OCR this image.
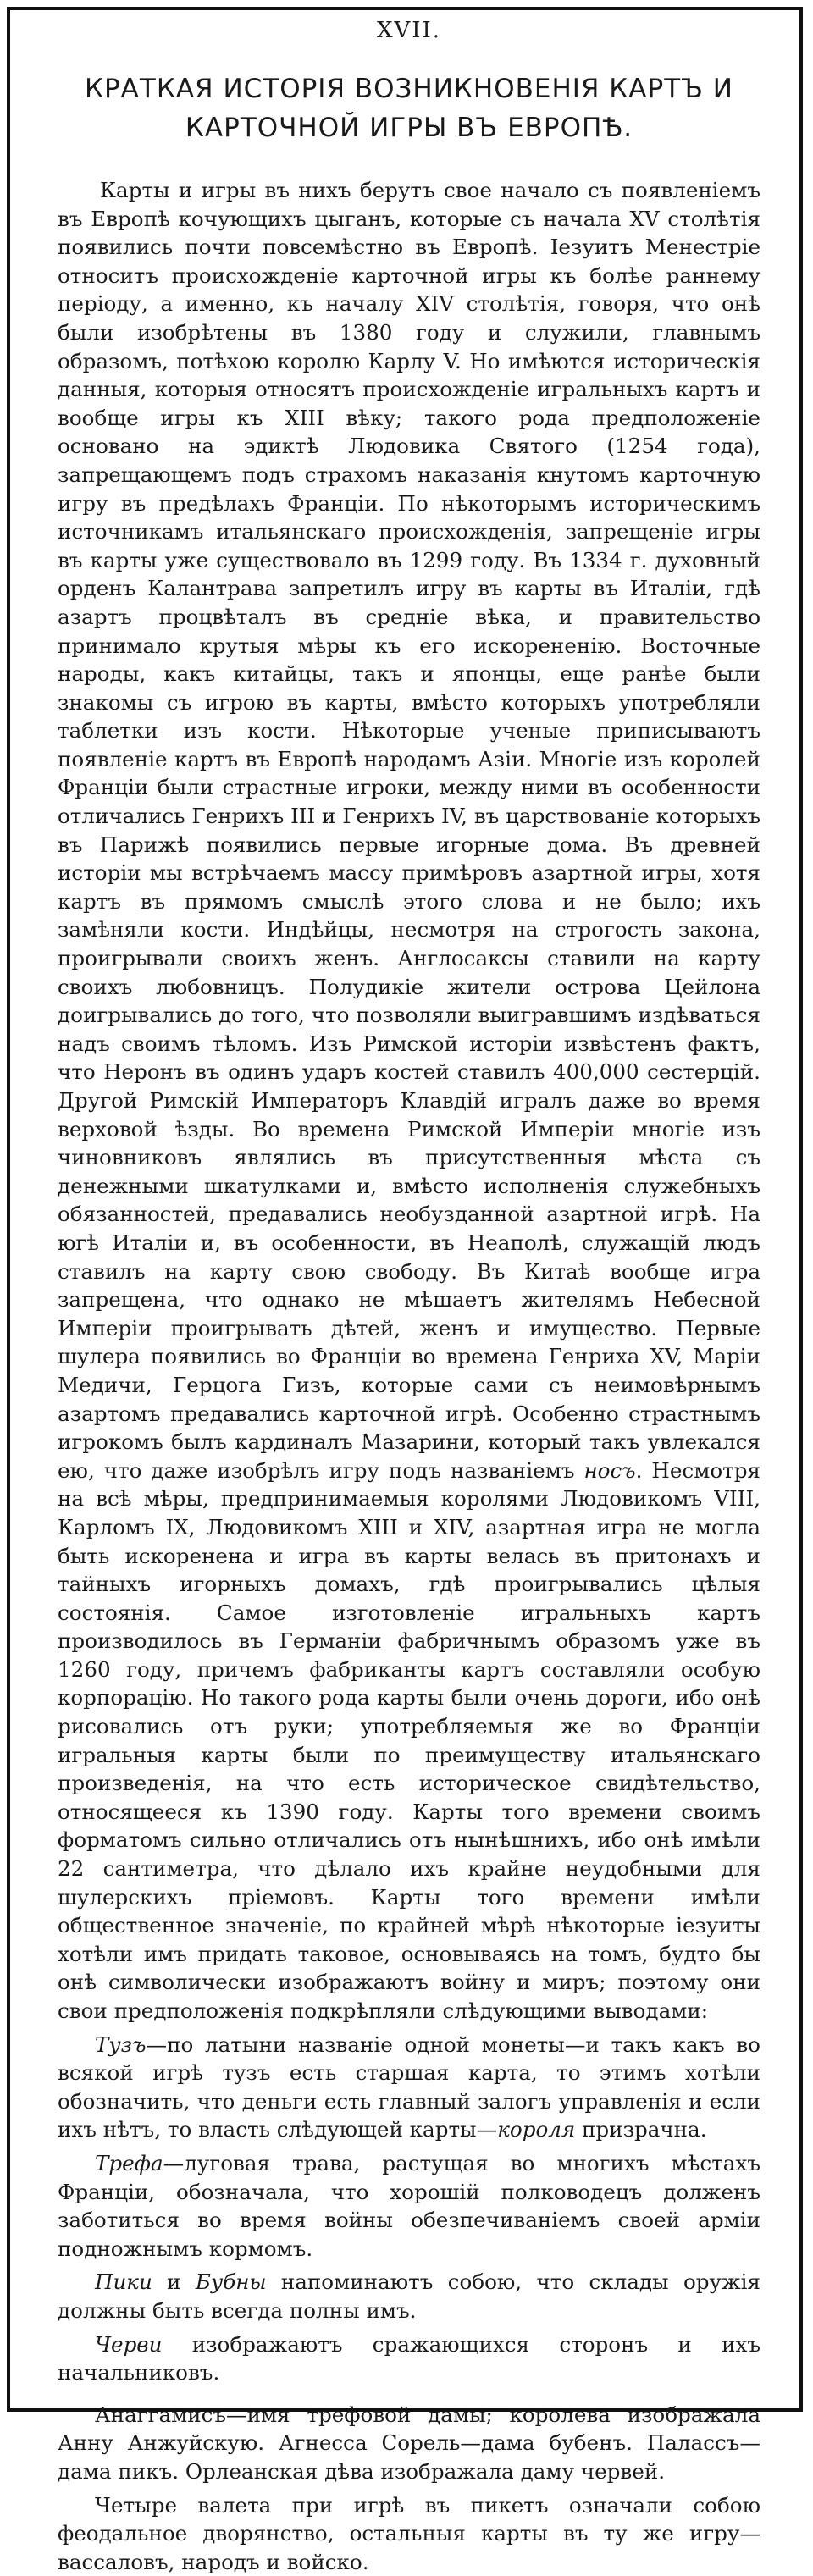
XVII.
КРАТКАЯ ИСТОРІЯ ВОЗНИКНОВЕНІЯ КАРТЪ И КАРТОЧНОЙ ИГРЫ ВЪ ЕВРОПѢ.

Карты и игры въ нихъ берутъ свое начало съ появленіемъ въ Европѣ кочующихъ цыганъ, которые съ начала XV столѣтія появились почти повсемѣстно въ Европѣ. Іезуитъ Менестріе относитъ происхожденіе карточной игры къ болѣе раннему періоду, а именно, къ началу XIV столѣтія, говоря, что онѣ были изобрѣтены въ 1380 году и служили, главнымъ образомъ, потѣхою королю Карлу V. Но имѣются историческія данныя, которыя относятъ происхожденіе игральныхъ картъ и вообще игры къ XIII вѣку; такого рода предположеніе основано на эдиктѣ Людовика Святого (1254 года), запрещающемъ подъ страхомъ наказанія кнутомъ карточную игру въ предѣлахъ Франціи. По нѣкоторымъ историческимъ источникамъ итальянскаго происхожденія, запрещеніе игры въ карты уже существовало въ 1299 году. Въ 1334 г. духовный орденъ Калантрава запретилъ игру въ карты въ Италіи, гдѣ азартъ процвѣталъ въ средніе вѣка, и правительство принимало крутыя мѣры къ его искорененію. Восточные народы, какъ китайцы, такъ и японцы, еще ранѣе были знакомы съ игрою въ карты, вмѣсто которыхъ употребляли таблетки изъ кости. Нѣкоторые ученые приписываютъ появленіе картъ въ Европѣ народамъ Азіи. Многіе изъ королей Франціи были страстные игроки, между ними въ особенности отличались Генрихъ III и Генрихъ IV, въ царствованіе которыхъ въ Парижѣ появились первые игорные дома. Въ древней исторіи мы встрѣчаемъ массу примѣровъ азартной игры, хотя картъ въ прямомъ смыслѣ этого слова и не было; ихъ замѣняли кости. Индѣйцы, несмотря на строгость закона, проигрывали своихъ женъ. Англосаксы ставили на карту своихъ любовницъ. Полудикіе жители острова Цейлона доигрывались до того, что позволяли выигравшимъ издѣваться надъ своимъ тѣломъ. Изъ Римской исторіи извѣстенъ фактъ, что Неронъ въ одинъ ударъ костей ставилъ 400,000 сестерцій. Другой Римскій Императоръ Клавдій игралъ даже во время верховой ѣзды. Во времена Римской Имперіи многіе изъ чиновниковъ являлись въ присутственныя мѣста съ денежными шкатулками и, вмѣсто исполненія служебныхъ обязанностей, предавались необузданной азартной игрѣ. На югѣ Италіи и, въ особенности, въ Неаполѣ, служащій людъ ставилъ на карту свою свободу. Въ Китаѣ вообще игра запрещена, что однако не мѣшаетъ жителямъ Небесной Имперіи проигрывать дѣтей, женъ и имущество. Первые шулера появились во Франціи во времена Генриха XV, Маріи Медичи, Герцога Гизъ, которые сами съ неимовѣрнымъ азартомъ предавались карточной игрѣ. Особенно страстнымъ игрокомъ былъ кардиналъ Мазарини, который такъ увлекался ею, что даже изобрѣлъ игру подъ названіемъ носъ. Несмотря на всѣ мѣры, предпринимаемыя королями Людовикомъ VIII, Карломъ IX, Людовикомъ XIII и XIV, азартная игра не могла быть искоренена и игра въ карты велась въ притонахъ и тайныхъ игорныхъ домахъ, гдѣ проигрывались цѣлыя состоянія. Самое изготовленіе игральныхъ картъ производилось въ Германіи фабричнымъ образомъ уже въ 1260 году, причемъ фабриканты картъ составляли особую корпорацію. Но такого рода карты были очень дороги, ибо онѣ рисовались отъ руки; употребляемыя же во Франціи игральныя карты были по преимуществу итальянскаго произведенія, на что есть историческое свидѣтельство, относящееся къ 1390 году. Карты того времени своимъ форматомъ сильно отличались отъ нынѣшнихъ, ибо онѣ имѣли 22 сантиметра, что дѣлало ихъ крайне неудобными для шулерскихъ пріемовъ. Карты того времени имѣли общественное значеніе, по крайней мѣрѣ нѣкоторые іезуиты хотѣли имъ придать таковое, основываясь на томъ, будто бы онѣ символически изображаютъ войну и миръ; поэтому они свои предположенія подкрѣпляли слѣдующими выводами:

Тузъ—по латыни названіе одной монеты—и такъ какъ во всякой игрѣ тузъ есть старшая карта, то этимъ хотѣли обозначить, что деньги есть главный залогъ управленія и если ихъ нѣтъ, то власть слѣдующей карты—короля призрачна.

Трефа—луговая трава, растущая во многихъ мѣстахъ Франціи, обозначала, что хорошій полководецъ долженъ заботиться во время войны обезпечиваніемъ своей арміи подножнымъ кормомъ.

Пики и Бубны напоминаютъ собою, что склады оружія должны быть всегда полны имъ.

Черви изображаютъ сражающихся сторонъ и ихъ начальниковъ.

Анаггамисъ—имя трефовой дамы; королева изображала Анну Анжуйскую. Агнесса Сорель—дама бубенъ. Палассъ—дама пикъ. Орлеанская дѣва изображала даму червей.

Четыре валета при игрѣ въ пикетъ означали собою феодальное дворянство, остальныя карты въ ту же игру—вассаловъ, народъ и войско.
